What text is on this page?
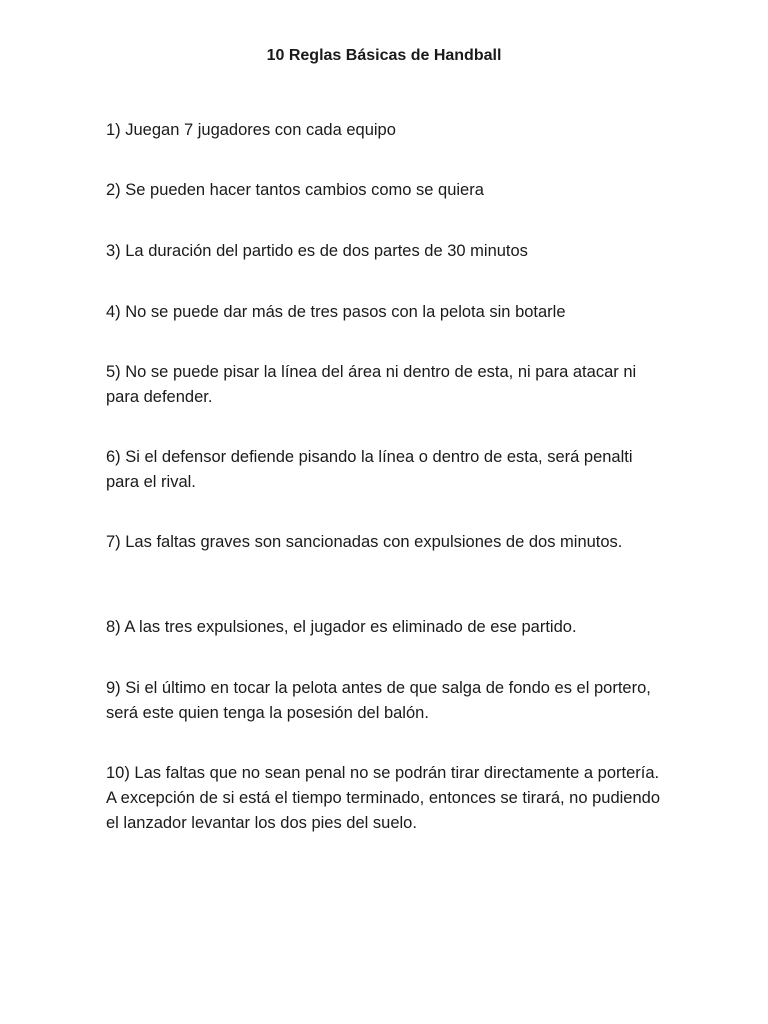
10 Reglas Básicas de Handball

1) Juegan 7 jugadores con cada equipo

2) Se pueden hacer tantos cambios como se quiera

3) La duración del partido es de dos partes de 30 minutos

4) No se puede dar más de tres pasos con la pelota sin botarle

5) No se puede pisar la línea del área ni dentro de esta, ni para atacar ni para defender.

6) Si el defensor defiende pisando la línea o dentro de esta, será penalti para el rival.

7) Las faltas graves son sancionadas con expulsiones de dos minutos.

8) A las tres expulsiones, el jugador es eliminado de ese partido.

9) Si el último en tocar la pelota antes de que salga de fondo es el portero, será este quien tenga la posesión del balón.

10) Las faltas que no sean penal no se podrán tirar directamente a portería. A excepción de si está el tiempo terminado, entonces se tirará, no pudiendo el lanzador levantar los dos pies del suelo.
